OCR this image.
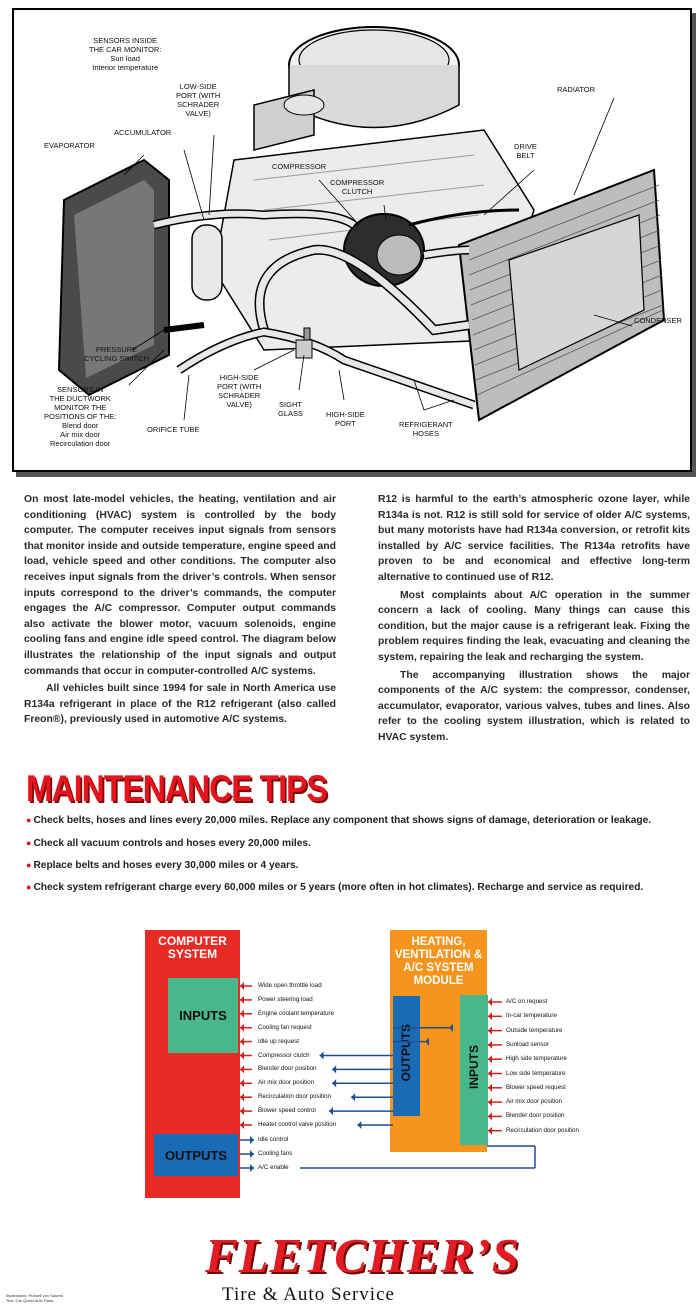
SENSORS INSIDE
THE CAR MONITOR:
Sun load
Interior temperature
LOW-SIDE
PORT (WITH
SCHRADER
VALVE)
ACCUMULATOR
EVAPORATOR
RADIATOR
DRIVE
BELT
COMPRESSOR
COMPRESSOR
CLUTCH
CONDENSER
PRESSURE
CYCLING SWITCH
SENSORS IN
THE DUCTWORK
MONITOR THE
POSITIONS OF THE:
Blend door
Air mix door
Recirculation door
HIGH-SIDE
PORT (WITH
SCHRADER
VALVE)	SIGHT
GLASS	HIGH-SIDE
PORT
ORIFICE TUBE
REFRIGERANT
HOSES

On most late-model vehicles, the heating, ventilation and air conditioning (HVAC) system is controlled by the body computer. The computer receives input signals from sensors that monitor inside and outside temperature, engine speed and load, vehicle speed and other conditions. The computer also receives input signals from the driver’s controls. When sensor inputs correspond to the driver’s commands, the computer engages the A/C compressor. Computer output commands also activate the blower motor, vacuum solenoids, engine cooling fans and engine idle speed control. The diagram below illustrates the relationship of the input signals and output commands that occur in computer-controlled A/C systems.

All vehicles built since 1994 for sale in North America use R134a refrigerant in place of the R12 refrigerant (also called Freon®), previously used in automotive A/C systems.

R12 is harmful to the earth’s atmospheric ozone layer, while R134a is not. R12 is still sold for service of older A/C systems, but many motorists have had R134a conversion, or retrofit kits installed by A/C service facilities. The R134a retrofits have proven to be and economical and effective long-term alternative to continued use of R12.

Most complaints about A/C operation in the summer concern a lack of cooling. Many things can cause this condition, but the major cause is a refrigerant leak. Fixing the problem requires finding the leak, evacuating and cleaning the system, repairing the leak and recharging the system.

The accompanying illustration shows the major components of the A/C system: the compressor, condenser, accumulator, evaporator, various valves, tubes and lines. Also refer to the cooling system illustration, which is related to HVAC system.

MAINTENANCE TIPS
● Check belts, hoses and lines every 20,000 miles. Replace any component that shows signs of damage, deterioration or leakage.
● Check all vacuum controls and hoses every 20,000 miles.
● Replace belts and hoses every 30,000 miles or 4 years.
● Check system refrigerant charge every 60,000 miles or 5 years (more often in hot climates). Recharge and service as required.
COMPUTER SYSTEM
INPUTS
OUTPUTS
HEATING, VENTILATION & A/C SYSTEM MODULE
OUTPUTS	INPUTS
Wide open throttle load
Power steering load
Engine coolant temperature
Cooling fan request
Idle up request
Compressor clutch
Blender door position
Air mix door position
Recirculation door position
Blower speed control
Heater control valve position
Idle control
Cooling fans
A/C enable
A/C on request
In-car temperature
Outside temperature
Sunload sensor
High side temperature
Low side temperature
Blower speed request
Air mix door position
Blender door position
Recirculation door position
FLETCHER’S
Tire & Auto Service
Illustrations: Russell von Sauers
Text: Car Quest Auto Parts
